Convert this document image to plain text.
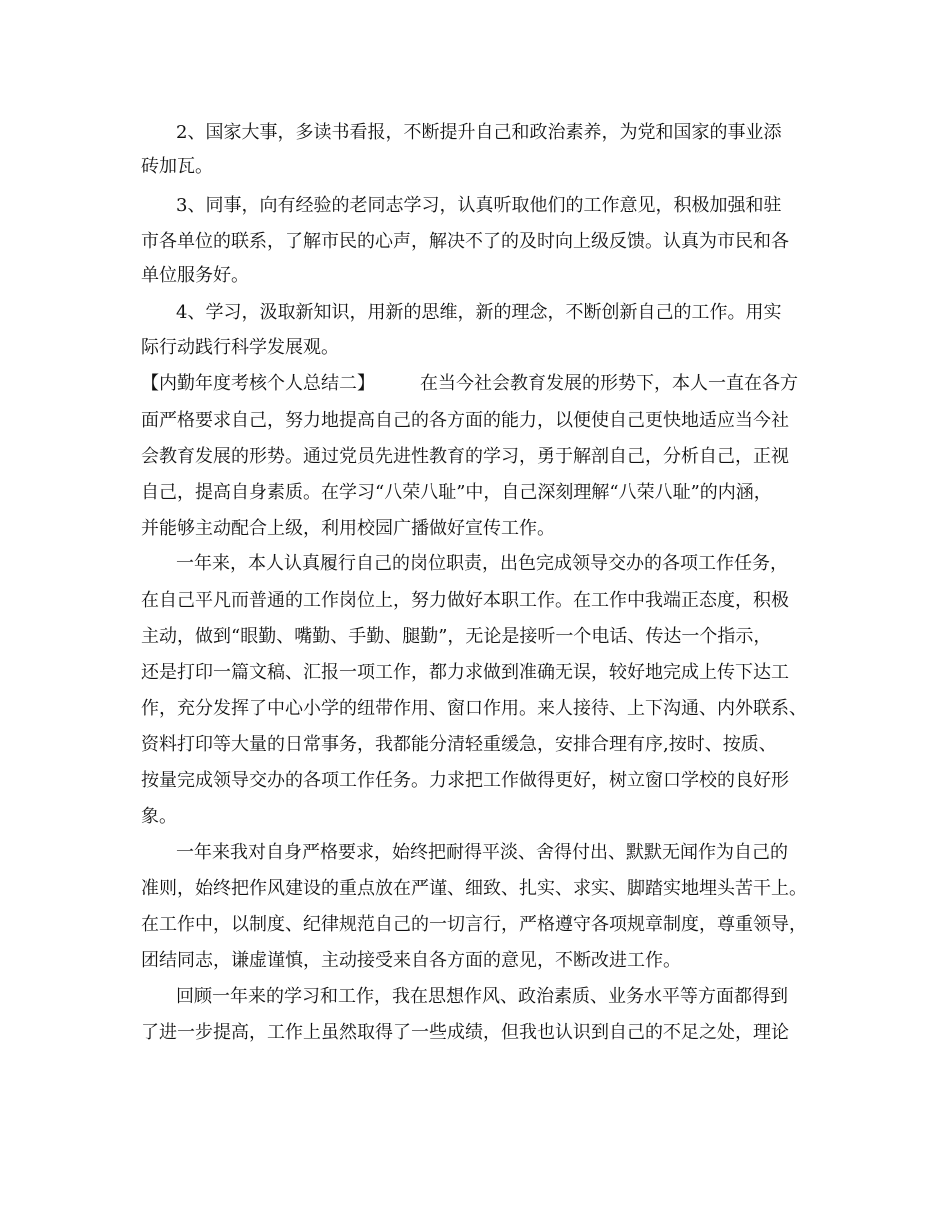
2、国家大事，多读书看报，不断提升自己和政治素养，为党和国家的事业添
砖加瓦。
3、同事，向有经验的老同志学习，认真听取他们的工作意见，积极加强和驻
市各单位的联系，了解市民的心声，解决不了的及时向上级反馈。认真为市民和各
单位服务好。
4、学习，汲取新知识，用新的思维，新的理念，不断创新自己的工作。用实
际行动践行科学发展观。
【内勤年度考核个人总结二】	在当今社会教育发展的形势下，本人一直在各方
面严格要求自己，努力地提高自己的各方面的能力，以便使自己更快地适应当今社
会教育发展的形势。通过党员先进性教育的学习，勇于解剖自己，分析自己，正视
自己，提高自身素质。在学习“八荣八耻”中，自己深刻理解“八荣八耻”的内涵，
并能够主动配合上级，利用校园广播做好宣传工作。
一年来，本人认真履行自己的岗位职责，出色完成领导交办的各项工作任务，
在自己平凡而普通的工作岗位上，努力做好本职工作。在工作中我端正态度，积极
主动，做到“眼勤、嘴勤、手勤、腿勤”，无论是接听一个电话、传达一个指示，
还是打印一篇文稿、汇报一项工作，都力求做到准确无误，较好地完成上传下达工
作，充分发挥了中心小学的纽带作用、窗口作用。来人接待、上下沟通、内外联系、
资料打印等大量的日常事务，我都能分清轻重缓急，安排合理有序,按时、按质、
按量完成领导交办的各项工作任务。力求把工作做得更好，树立窗口学校的良好形
象。
一年来我对自身严格要求，始终把耐得平淡、舍得付出、默默无闻作为自己的
准则，始终把作风建设的重点放在严谨、细致、扎实、求实、脚踏实地埋头苦干上。
在工作中，以制度、纪律规范自己的一切言行，严格遵守各项规章制度，尊重领导，
团结同志，谦虚谨慎，主动接受来自各方面的意见，不断改进工作。
回顾一年来的学习和工作，我在思想作风、政治素质、业务水平等方面都得到
了进一步提高，工作上虽然取得了一些成绩，但我也认识到自己的不足之处，理论
